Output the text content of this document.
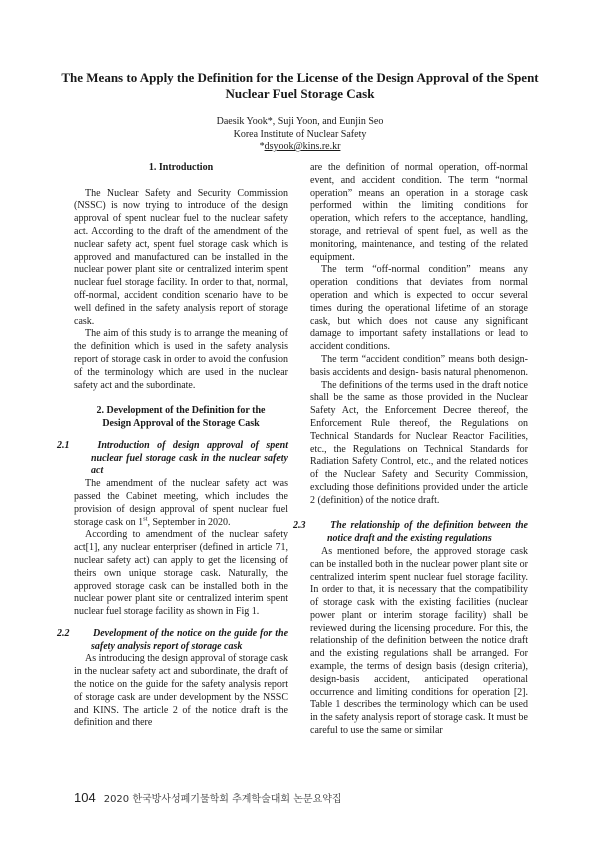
The Means to Apply the Definition for the License of the Design Approval of the Spent Nuclear Fuel Storage Cask
Daesik Yook*, Suji Yoon, and Eunjin Seo
Korea Institute of Nuclear Safety
*dsyook@kins.re.kr

1. Introduction

The Nuclear Safety and Security Commission (NSSC) is now trying to introduce of the design approval of spent nuclear fuel to the nuclear safety act. According to the draft of the amendment of the nuclear safety act, spent fuel storage cask which is approved and manufactured can be installed in the nuclear power plant site or centralized interim spent nuclear fuel storage facility. In order to that, normal, off-normal, accident condition scenario have to be well defined in the safety analysis report of storage cask.

The aim of this study is to arrange the meaning of the definition which is used in the safety analysis report of storage cask in order to avoid the confusion of the terminology which are used in the nuclear safety act and the subordinate.

2. Development of the Definition for the
Design Approval of the Storage Cask

2.1	Introduction of design approval of spent nuclear fuel storage cask in the nuclear safety act

The amendment of the nuclear safety act was passed the Cabinet meeting, which includes the provision of design approval of spent nuclear fuel storage cask on 1st, September in 2020.

According to amendment of the nuclear safety act[1], any nuclear enterpriser (defined in article 71, nuclear safety act) can apply to get the licensing of theirs own unique storage cask. Naturally, the approved storage cask can be installed both in the nuclear power plant site or centralized interim spent nuclear fuel storage facility as shown in Fig 1.

2.2 Development of the notice on the guide for the safety analysis report of storage cask

As introducing the design approval of storage cask in the nuclear safety act and subordinate, the draft of the notice on the guide for the safety analysis report of storage cask are under development by the NSSC and KINS. The article 2 of the notice draft is the definition and there

are the definition of normal operation, off-normal event, and accident condition. The term “normal operation” means an operation in a storage cask performed within the limiting conditions for operation, which refers to the acceptance, handling, storage, and retrieval of spent fuel, as well as the monitoring, maintenance, and testing of the related equipment.

The term “off-normal condition” means any operation conditions that deviates from normal operation and which is expected to occur several times during the operational lifetime of an storage cask, but which does not cause any significant damage to important safety installations or lead to accident conditions.

The term “accident condition” means both design-basis accidents and design- basis natural phenomenon.

The definitions of the terms used in the draft notice shall be the same as those provided in the Nuclear Safety Act, the Enforcement Decree thereof, the Enforcement Rule thereof, the Regulations on Technical Standards for Nuclear Reactor Facilities, etc., the Regulations on Technical Standards for Radiation Safety Control, etc., and the related notices of the Nuclear Safety and Security Commission, excluding those definitions provided under the article 2 (definition) of the notice draft.

2.3 The relationship of the definition between the notice draft and the existing regulations

As mentioned before, the approved storage cask can be installed both in the nuclear power plant site or centralized interim spent nuclear fuel storage facility. In order to that, it is necessary that the compatibility of storage cask with the existing facilities (nuclear power plant or interim storage facility) shall be reviewed during the licensing procedure. For this, the relationship of the definition between the notice draft and the existing regulations shall be arranged. For example, the terms of design basis (design criteria), design-basis accident, anticipated operational occurrence and limiting conditions for operation [2]. Table 1 describes the terminology which can be used in the safety analysis report of storage cask. It must be careful to use the same or similar

104 2020 한국방사성폐기물학회 추계학술대회 논문요약집
